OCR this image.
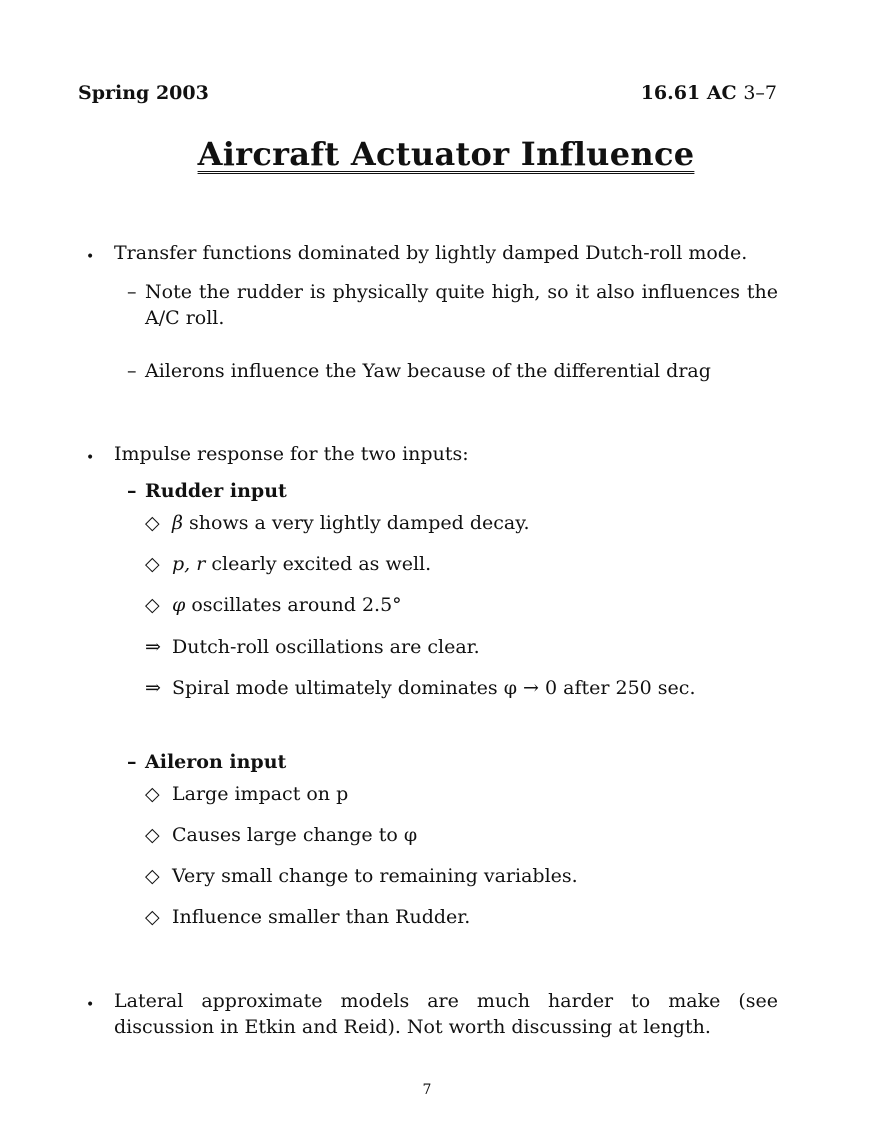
Spring 2003	16.61 AC 3–7
Aircraft Actuator Influence
• Transfer functions dominated by lightly damped Dutch-roll mode.
– Note the rudder is physically quite high, so it also influences the A/C roll.
– Ailerons influence the Yaw because of the differential drag
• Impulse response for the two inputs:
– Rudder input
◇ β shows a very lightly damped decay.
◇ p, r clearly excited as well.
◇ φ oscillates around 2.5°
⇒ Dutch-roll oscillations are clear.
⇒ Spiral mode ultimately dominates φ → 0 after 250 sec.
– Aileron input
◇ Large impact on p
◇ Causes large change to φ
◇ Very small change to remaining variables.
◇ Influence smaller than Rudder.
• Lateral approximate models are much harder to make (see discussion in Etkin and Reid). Not worth discussing at length.
7
